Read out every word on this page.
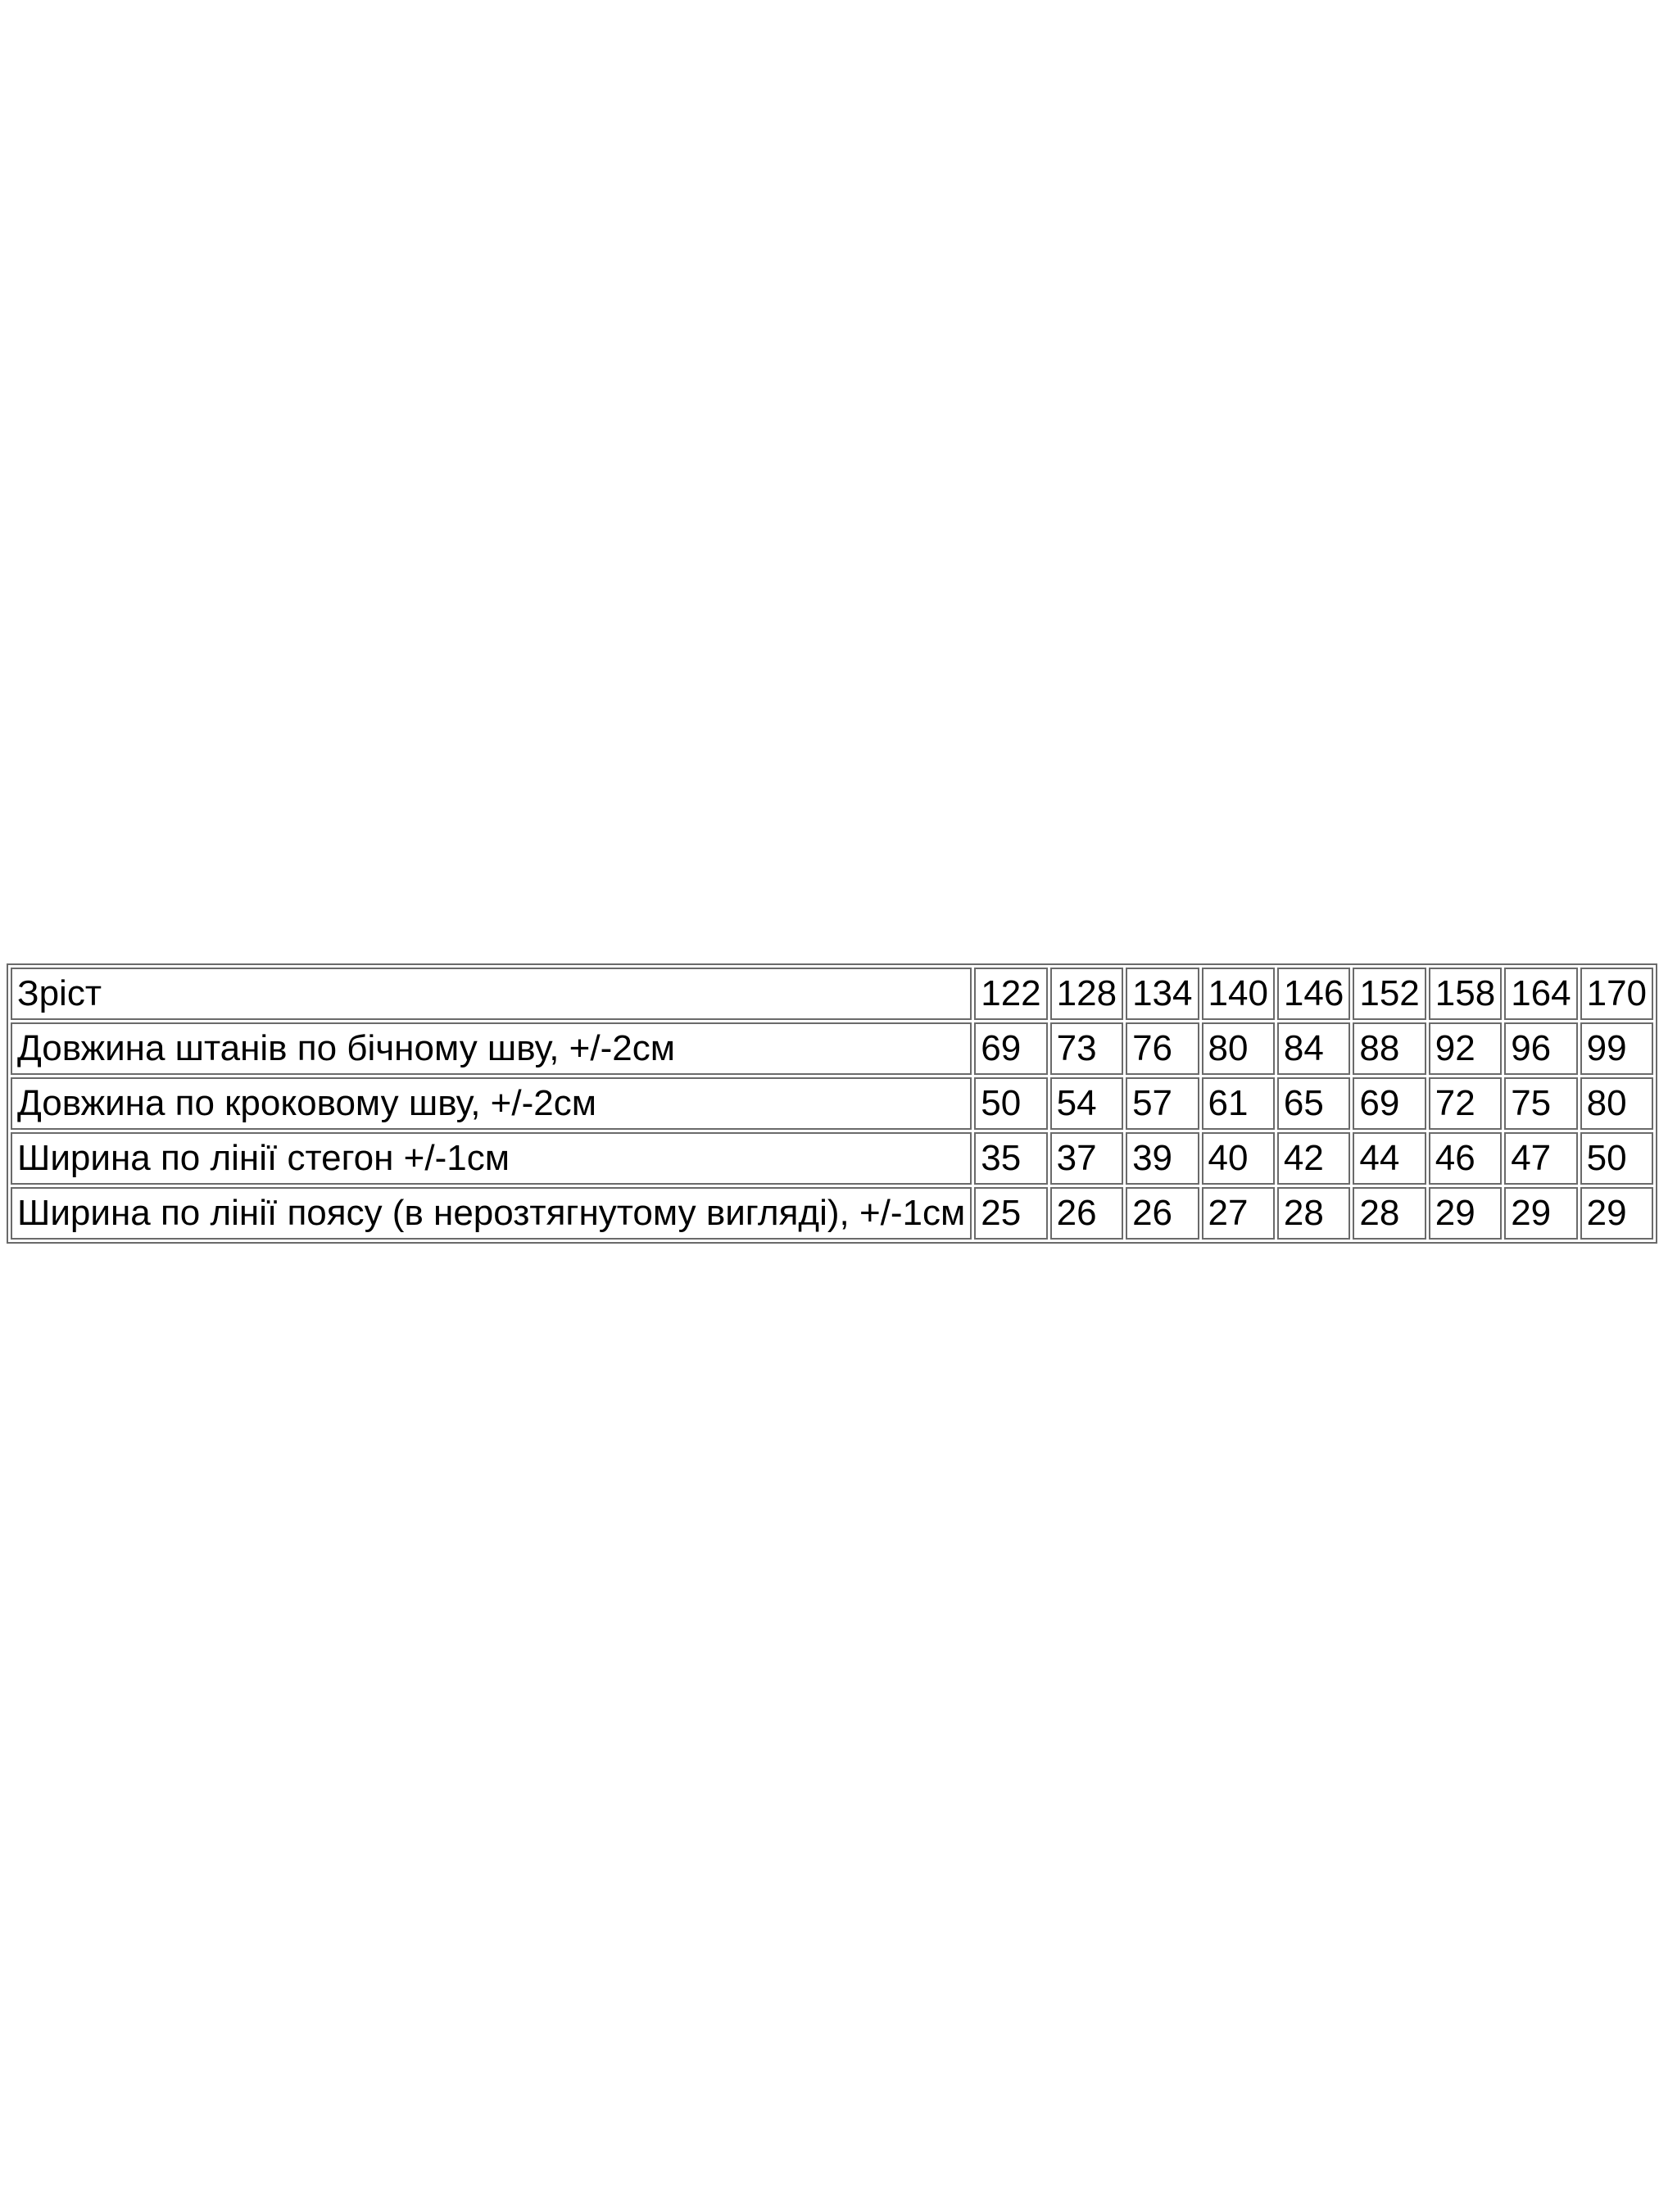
Зріст	122	128	134	140	146	152	158	164	170
Довжина штанів по бічному шву, +/-2см	69	73	76	80	84	88	92	96	99
Довжина по кроковому шву, +/-2см	50	54	57	61	65	69	72	75	80
Ширина по лінії стегон +/-1см	35	37	39	40	42	44	46	47	50
Ширина по лінії поясу (в нерозтягнутому вигляді), +/-1см	25	26	26	27	28	28	29	29	29
